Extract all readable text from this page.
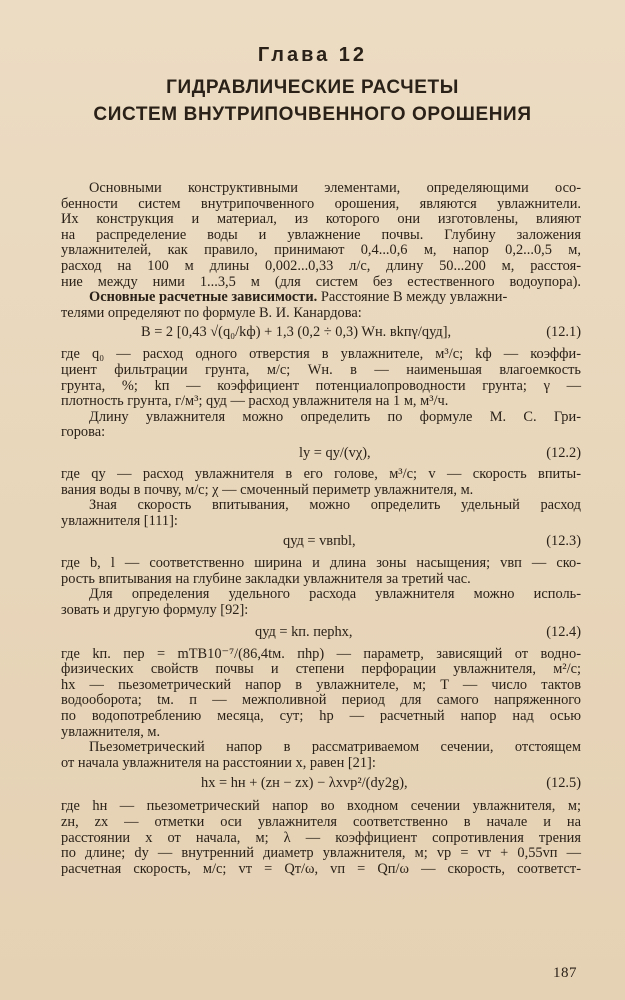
Глава 12
ГИДРАВЛИЧЕСКИЕ РАСЧЕТЫ
СИСТЕМ ВНУТРИПОЧВЕННОГО ОРОШЕНИЯ
Основными конструктивными элементами, определяющими осо-
бенности систем внутрипочвенного орошения, являются увлажнители.
Их конструкция и материал, из которого они изготовлены, влияют
на распределение воды и увлажнение почвы. Глубину заложения
увлажнителей, как правило, принимают 0,4...0,6 м, напор 0,2...0,5 м,
расход на 100 м длины 0,002...0,33 л/с, длину 50...200 м, расстоя-
ние между ними 1...3,5 м (для систем без естественного водоупора).
Основные расчетные зависимости. Расстояние B между увлажни-
телями определяют по формуле В. И. Канардова:
B = 2 [0,43 √(q₀/kф) + 1,3 (0,2 ÷ 0,3) Wн. вkпγ/qуд],	(12.1)
где q₀ — расход одного отверстия в увлажнителе, м³/с; kф — коэффи-
циент фильтрации грунта, м/с; Wн. в — наименьшая влагоемкость
грунта, %; kп — коэффициент потенциалопроводности грунта; γ —
плотность грунта, г/м³; qуд — расход увлажнителя на 1 м, м³/ч.
Длину увлажнителя можно определить по формуле М. С. Гри-
горова:
lу = qу/(vχ),	(12.2)
где qу — расход увлажнителя в его голове, м³/с; v — скорость впиты-
вания воды в почву, м/с; χ — смоченный периметр увлажнителя, м.
Зная скорость впитывания, можно определить удельный расход
увлажнителя [111]:
qуд = vвпbl,	(12.3)
где b, l — соответственно ширина и длина зоны насыщения; vвп — ско-
рость впитывания на глубине закладки увлажнителя за третий час.
Для определения удельного расхода увлажнителя можно исполь-
зовать и другую формулу [92]:
qуд = kп. перhx,	(12.4)
где kп. пер = mTB10⁻⁷/(86,4tм. пhр) — параметр, зависящий от водно-
физических свойств почвы и степени перфорации увлажнителя, м²/с;
hx — пьезометрический напор в увлажнителе, м; T — число тактов
водооборота; tм. п — межполивной период для самого напряженного
по водопотреблению месяца, сут; hр — расчетный напор над осью
увлажнителя, м.
Пьезометрический напор в рассматриваемом сечении, отстоящем
от начала увлажнителя на расстоянии x, равен [21]:
hx = hн + (zн − zx) − λxvр²/(dу2g),	(12.5)
где hн — пьезометрический напор во входном сечении увлажнителя, м;
zн, zx — отметки оси увлажнителя соответственно в начале и на
расстоянии x от начала, м; λ — коэффициент сопротивления трения
по длине; dу — внутренний диаметр увлажнителя, м; vр = vт + 0,55vп —
расчетная скорость, м/с; vт = Qт/ω, vп = Qп/ω — скорость, соответст-
187
